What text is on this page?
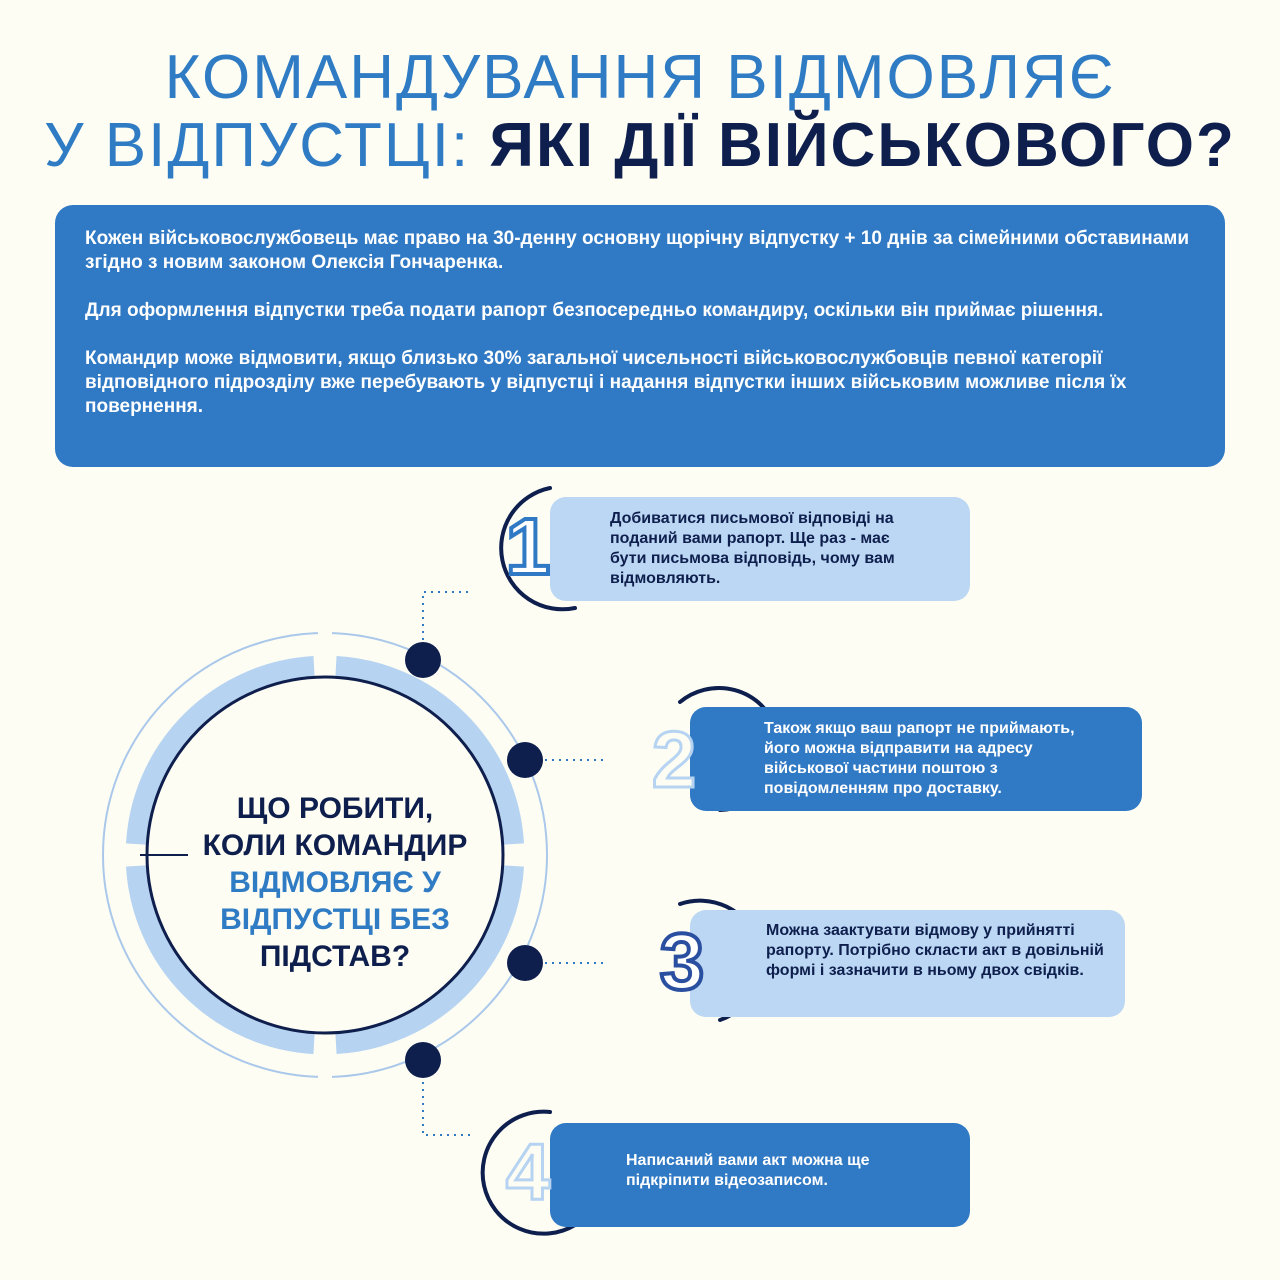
КОМАНДУВАННЯ ВІДМОВЛЯЄ
У ВІДПУСТЦІ: ЯКІ ДІЇ ВІЙСЬКОВОГО?

Кожен військовослужбовець має право на 30-денну основну щорічну відпустку + 10 днів за сімейними обставинами згідно з новим законом Олексія Гончаренка.

Для оформлення відпустки треба подати рапорт безпосередньо командиру, оскільки він приймає рішення.

Командир може відмовити, якщо близько 30% загальної чисельності військовослужбовців певної категорії відповідного підрозділу вже перебувають у відпустці і надання відпустки інших військовим можливе після їх повернення.

ЩО РОБИТИ,
КОЛИ КОМАНДИР
ВІДМОВЛЯЄ У
ВІДПУСТЦІ БЕЗ
ПІДСТАВ?
Добиватися письмової відповіді на поданий вами рапорт. Ще раз - має бути письмова відповідь, чому вам відмовляють.
1
Також якщо ваш рапорт не приймають, його можна відправити на адресу військової частини поштою з повідомленням про доставку.
2
Можна заактувати відмову у прийнятті рапорту. Потрібно скласти акт в довільній формі і зазначити в ньому двох свідків.
3
Написаний вами акт можна ще підкріпити відеозаписом.
4
